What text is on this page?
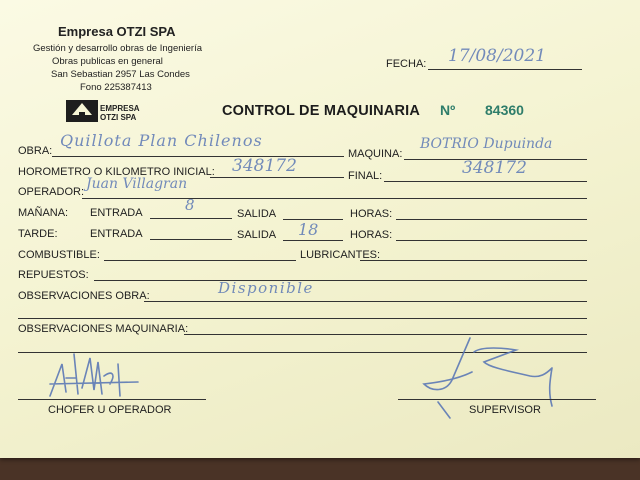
Empresa OTZI SPA
Gestión y desarrollo obras de Ingeniería
Obras publicas en general
San Sebastian 2957 Las Condes
Fono 225387413
EMPRESA
OTZI SPA
FECHA: 17/08/2021
CONTROL DE MAQUINARIA Nº 84360
OBRA:
Quillota Plan Chilenos
MAQUINA:
BOTRIO Dupuinda
HOROMETRO O KILOMETRO INICIAL: 348172	FINAL:	348172
OPERADOR: Juan Villagran
MAÑANA: ENTRADA	8	SALIDA	HORAS:
TARDE:	ENTRADA	SALIDA 18	HORAS:
COMBUSTIBLE:	LUBRICANTES:
REPUESTOS:
OBSERVACIONES OBRA:	Disponible
OBSERVACIONES MAQUINARIA:
CHOFER U OPERADOR	SUPERVISOR
